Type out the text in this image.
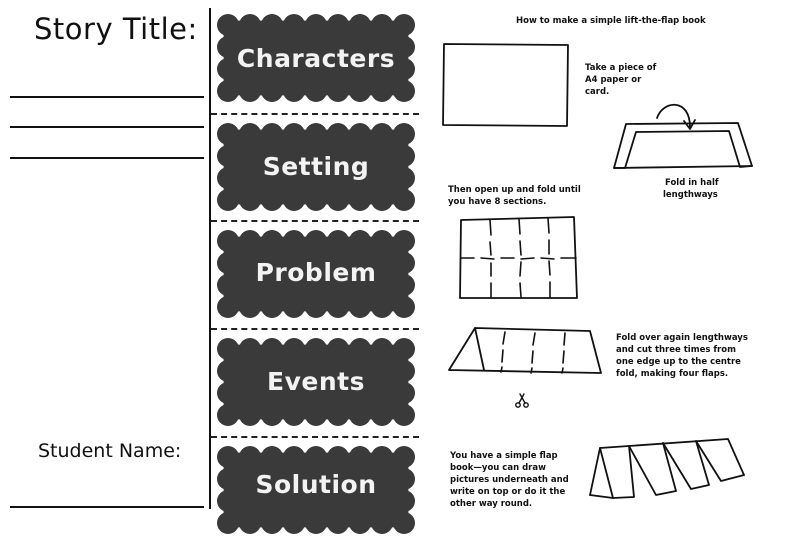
Story Title:
Student Name:
Characters
Setting
Problem
Events
Solution
How to make a simple lift-the-flap book
Take a piece of
A4 paper or
card.
Fold in half
lengthways
Then open up and fold until
you have 8 sections.
Fold over again lengthways
and cut three times from
one edge up to the centre
fold, making four flaps.
You have a simple flap
book—you can draw
pictures underneath and
write on top or do it the
other way round.
